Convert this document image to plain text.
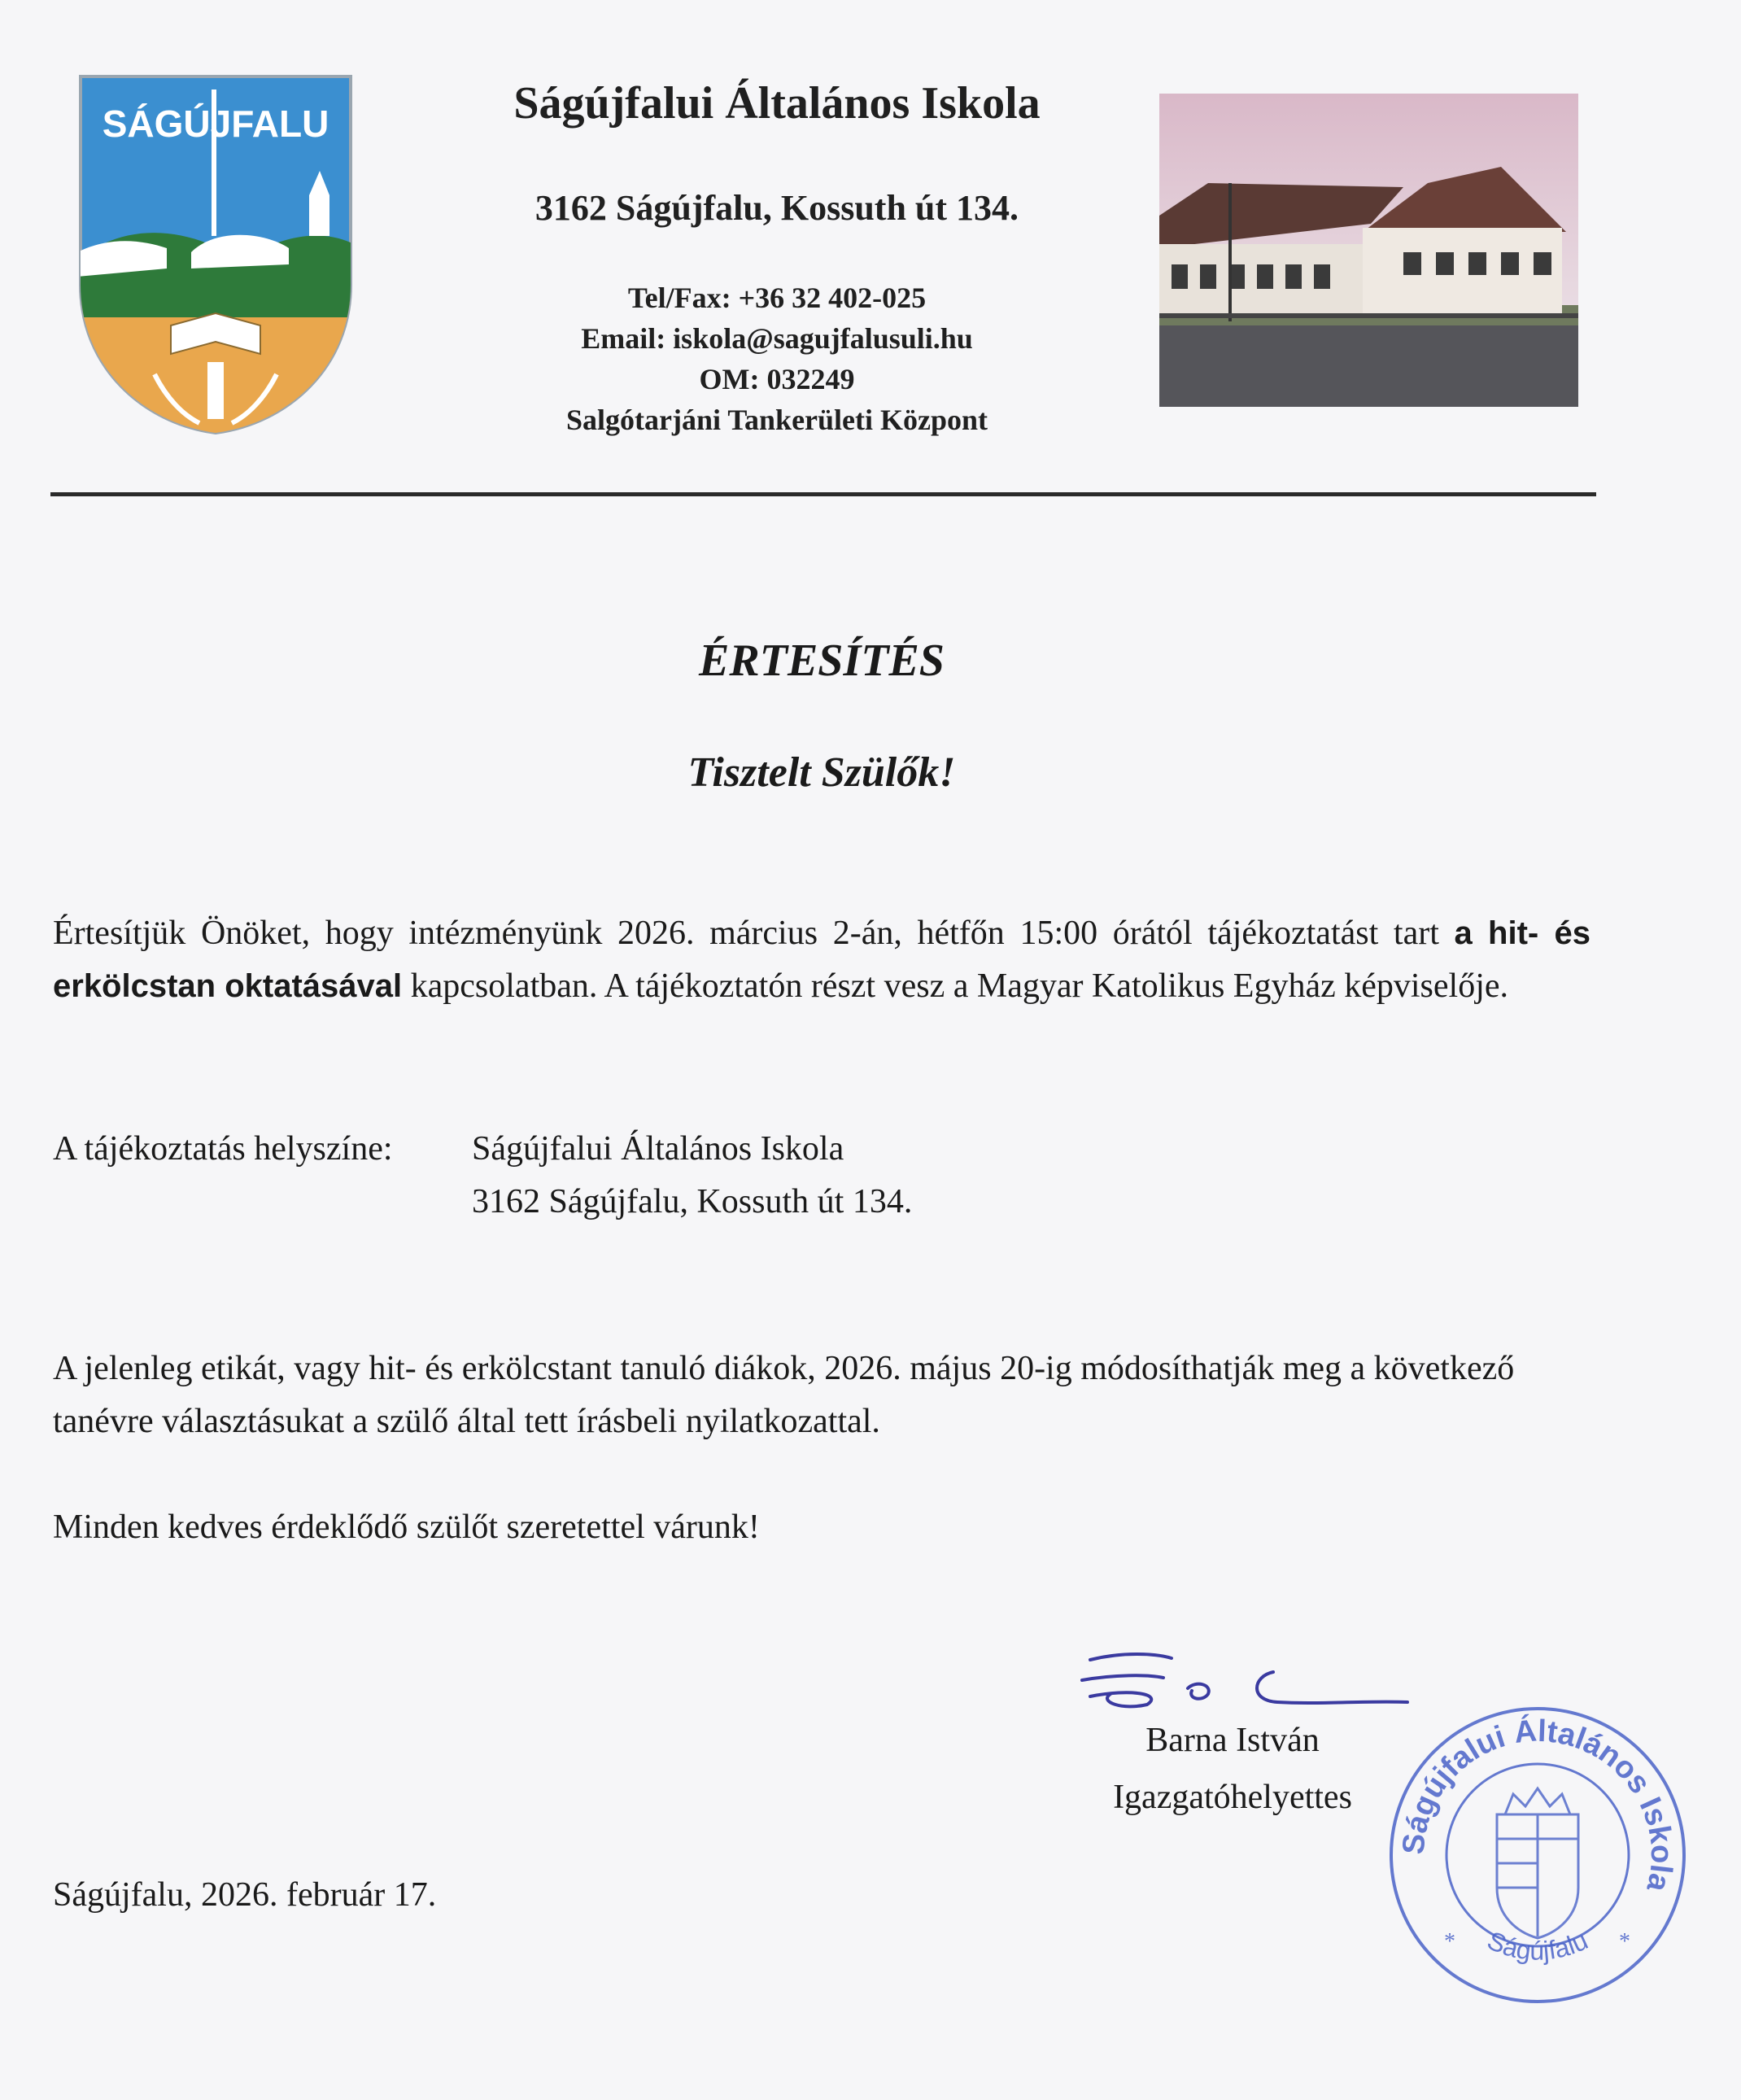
SÁGÚJFALU	Ságújfalui Általános Iskola
3162 Ságújfalu, Kossuth út 134.
Tel/Fax: +36 32 402-025
Email: iskola@sagujfalusuli.hu
OM: 032249
Salgótarjáni Tankerületi Központ
ÉRTESÍTÉS
Tisztelt Szülők!
Értesítjük Önöket, hogy intézményünk 2026. március 2-án, hétfőn 15:00 órától tájékoztatást tart a hit- és erkölcstan oktatásával kapcsolatban. A tájékoztatón részt vesz a Magyar Katolikus Egyház képviselője.
A tájékoztatás helyszíne: Ságújfalui Általános Iskola
3162 Ságújfalu, Kossuth út 134.
A jelenleg etikát, vagy hit- és erkölcstant tanuló diákok, 2026. május 20-ig módosíthatják meg a következő tanévre választásukat a szülő által tett írásbeli nyilatkozattal.
Minden kedves érdeklődő szülőt szeretettel várunk!
Barna István
Igazgatóhelyettes
Ságújfalui Általános Iskola
Ságújfalu
*	*
Ságújfalu, 2026. február 17.
